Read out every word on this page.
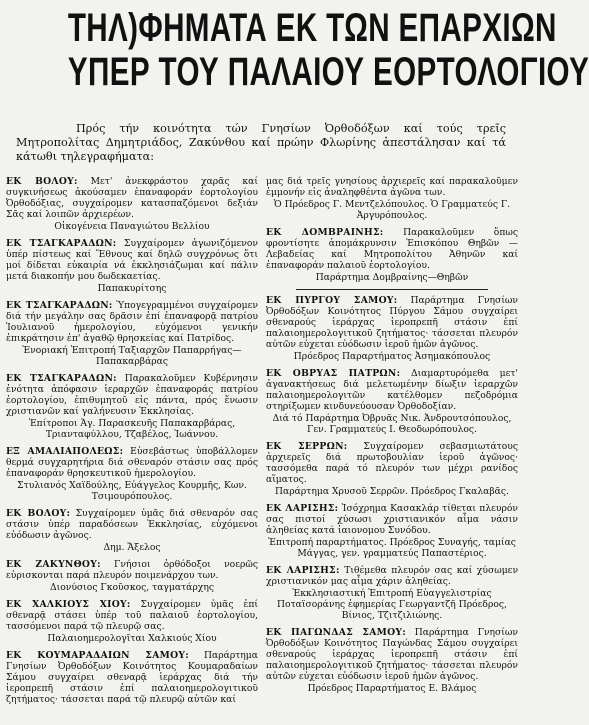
ΤΗΛ)ΦΗΜΑΤΑ ΕΚ ΤΩΝ ΕΠΑΡΧΙΩΝ
ΥΠΕΡ ΤΟΥ ΠΑΛΑΙΟΥ ΕΟΡΤΟΛΟΓΙΟΥ

Πρός τήν κοινότητα τών Γνησίων Ὀρθοδόξων καί τούς τρεῖς Μητροπολίτας Δημητριάδος, Ζακύνθου καί πρώην Φλωρίνης ἀπεστάλησαν καί τά κάτωθι τηλεγραφήματα:

ΕΚ ΒΟΛΟΥ: Μετ' ἀνεκφράστου χαρᾶς καί συγκινήσεως ἀκούσαμεν ἐπαναφοράν ἑορτολογίου Ὀρθοδόξιας, συγχαίρομεν κατασπαζόμενοι δεξιάν Σᾶς καί λοιπῶν ἀρχιερέων.

Οἰκογένεια Παναγιώτου Βελλίου

ΕΚ ΤΣΑΓΚΑΡΑΔΩΝ: Συγχαίρομεν ἀγωνιζόμενον ὑπέρ πίστεως καί Ἔθνους καί δηλῶ συγχρόνως ὅτι μοί δίδεται εὐκαιρία νά ἐκκλησιάζωμαι καί πάλιν μετά διακοπήν μου δωδεκαετίας.

Παπακυρίτσης

ΕΚ ΤΣΑΓΚΑΡΑΔΩΝ: Ὑπογεγραμμένοι συγχαίρομεν διά τήν μεγάλην σας δρᾶσιν ἐπί ἐπαναφορᾷ πατρίου Ἰουλιανοῦ ἡμερολογίου, εὐχόμενοι γενικήν ἐπικράτησιν ἐπ' ἀγαθῷ θρησκείας καί Πατρίδος.

Ἐνοριακή Ἐπιτροπή Ταξιαρχῶν Παπαρρήγας—Παπακαρβάρας

ΕΚ ΤΣΑΓΚΑΡΑΔΩΝ: Παρακαλοῦμεν Κυβέρνησιν ἑνότητα ἀπόφασιν ἱεραρχῶν ἐπαναφοράς πατρίου ἑορτολογίου, ἐπιθυμητοῦ εἰς πάντα, πρός ἕνωσιν χριστιανῶν καί γαλήνευσιν Ἐκκλησίας.

Ἐπίτροποι Ἁγ. Παρασκευῆς Παπακαρβάρας, Τριανταφύλλου, Τζαβέλος, Ἰωάννου.

ΕΞ ΑΜΑΛΙΑΠΟΛΕΩΣ: Εὐσεβάστως ὑποβάλλομεν θερμά συγχαρητήρια διά σθεναρόν στάσιν σας πρός ἐπαναφοράν θρησκευτικοῦ ἡμερολογίου.

Στυλιανός Χαϊδούλης, Εὐάγγελος Κουρμῆς, Κων. Τσιμουρόπουλος.

ΕΚ ΒΟΛΟΥ: Συγχαίρομεν ὑμᾶς διά σθεναρόν σας στάσιν ὑπέρ παραδόσεων Ἐκκλησίας, εὐχόμενοι εὐόδωσιν ἀγῶνος.

Δημ. Ἄξελος

ΕΚ ΖΑΚΥΝΘΟΥ: Γνήσιοι ὀρθόδοξοι νοερῶς εὑρισκονται παρά πλευρόν ποιμενάρχου των.

Διονύσιος Γκοῦσκος, ταγματάρχης

ΕΚ ΧΑΛΚΙΟΥΣ ΧΙΟΥ: Συγχαίρομεν ὑμᾶς ἐπί σθεναρᾷ στάσει ὑπέρ τοῦ παλαιοῦ ἑορτολογίου, τασσόμενοι παρά τῷ πλευρῷ σας.

Παλαιοημερολογῖται Χαλκιούς Χίου

ΕΚ ΚΟΥΜΑΡΑΔΑΙΩΝ ΣΑΜΟΥ: Παράρτημα Γνησίων Ὀρθοδόξων Κοινότητος Κουμαραδαίων Σάμου συγχαίρει σθεναρᾷ ἱεράρχας διά τήν ἱεροπρεπῆ στάσιν ἐπί παλαιοημερολογιτικοῦ ζητήματος· τάσσεται παρά τῷ πλευρῷ αὐτῶν καί

μας διά τρεῖς γνησίους ἀρχιερεῖς καί παρακαλοῦμεν ἐμμονήν εἰς ἀναληφθέντα ἀγῶνα των.

Ὁ Πρόεδρος Γ. Μεντζελόπουλος. Ὁ Γραμματεύς Γ. Ἀργυρόπουλος.

ΕΚ ΔΟΜΒΡΑΙΝΗΣ: Παρακαλοῦμεν ὅπως φροντίσητε ἀπομάκρυνσιν Ἐπισκόπου Θηβῶν — Λεβαδείας καί Μητροπολίτου Ἀθηνῶν καί ἐπαναφοράν παλαιοῦ ἑορτολογίου.

Παράρτημα Δομβραίνης—Θηβῶν

ΕΚ ΠΥΡΓΟΥ ΣΑΜΟΥ: Παράρτημα Γνησίων Ὀρθοδόξων Κοινότητος Πύργου Σάμου συγχαίρει σθεναρούς ἱεράρχας ἱεροπρεπῆ στάσιν ἐπί παλαιοημερολογιτικοῦ ζητήματος· τάσσεται πλευρόν αὐτῶν εὐχεται εὐόδωσιν ἱεροῦ ἡμῶν ἀγῶνος.

Πρόεδρος Παραρτήματος Ἀσημακόπουλος

ΕΚ ΟΒΡΥΑΣ ΠΑΤΡΩΝ: Διαμαρτυρόμεθα μετ' ἀγανακτήσεως διά μελετωμένην δίωξιν ἱεραρχῶν παλαιοημερολογιτῶν κατέλθομεν πεζοδρόμια στηρίξωμεν κινδυνεύουσαν Ὀρθοδοξίαν.

Διά τό Παράρτημα Ὀβρυᾶς Νικ. Ἀνδρουτσόπουλος, Γεν. Γραμματεύς Ι. Θεοδωρόπουλος.

ΕΚ ΣΕΡΡΩΝ: Συγχαίρομεν σεβασμιωτάτους ἀρχιερεῖς διά πρωτοβουλίαν ἱεροῦ ἀγῶνος· τασσόμεθα παρά τό πλευρόν των μέχρι ρανίδος αἵματος.

Παράρτημα Χρυσοῦ Σερρῶν. Πρόεδρος Γκαλαβᾶς.

ΕΚ ΛΑΡΙΣΗΣ: Ἰσόχρημα Κασακλάρ τίθεται πλευρόν σας πιστοί χύσωσι χριστιανικόν αἷμα νάσιν ἀληθείας κατά ἰαιονομου Συνόδου.

Ἐπιτροπή παραρτήματος. Πρόεδρος Συναγής, ταμίας Μάγγας, γεν. γραμματεύς Παπαστέριος.

ΕΚ ΛΑΡΙΣΗΣ: Τιθέμεθα πλευρόν σας καί χύσωμεν χριστιανικόν μας αἷμα χάριν ἀληθείας.

Ἐκκλησιαστική Ἐπιτροπή Εὐαγγελιστρίας Ποταϊσοράνης ἐφημερίας Γεωργαντζῆ Πρόεδρος, Βίνιος, Τζιτζιλιώνης.

ΕΚ ΠΑΓΩΝΔΑΣ ΣΑΜΟΥ: Παράρτημα Γνησίων Ὀρθοδόξων Κοινότητος Παγώνδας Σάμου συγχαίρει σθεναρούς ἱεράρχας ἱεροπρεπῆ στάσιν ἐπί παλαιοημερολογιτικοῦ ζητήματος· τάσσεται πλευρόν αὐτῶν εὐχεται εὐόδωσιν ἱεροῦ ἡμῶν ἀγῶνος.

Πρόεδρος Παραρτήματος Ε. Βλάμος
